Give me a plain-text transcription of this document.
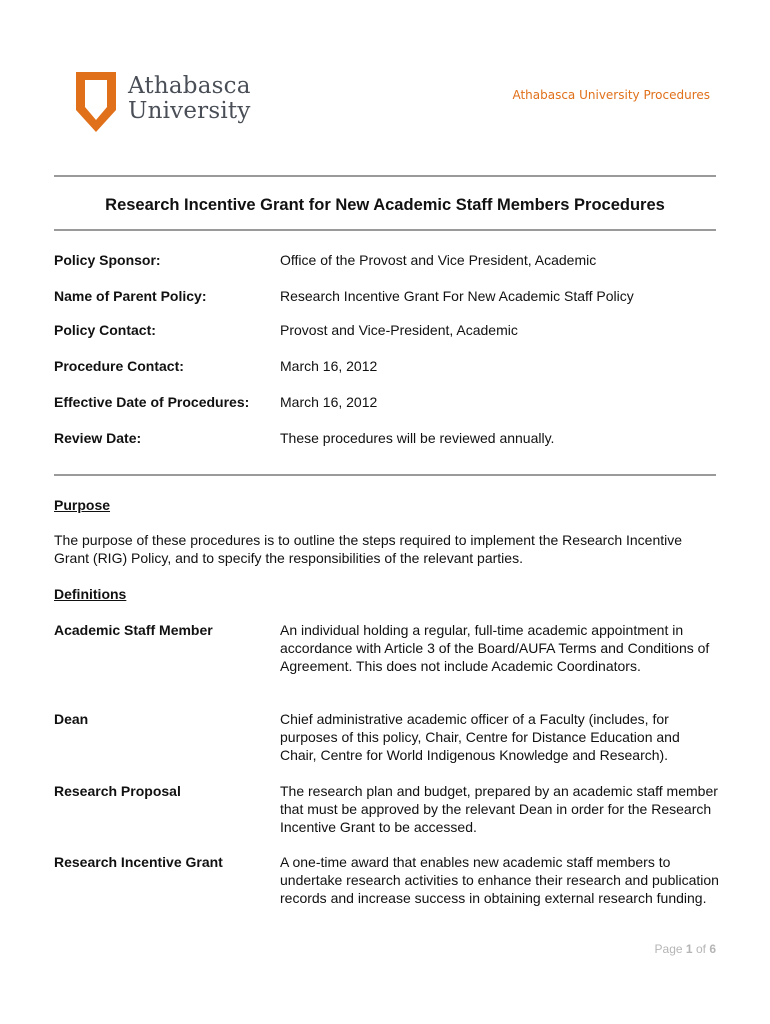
Athabasca
University
Athabasca University Procedures
Research Incentive Grant for New Academic Staff Members Procedures
Policy Sponsor:	Office of the Provost and Vice President, Academic
Name of Parent Policy:	Research Incentive Grant For New Academic Staff Policy
Policy Contact:	Provost and Vice-President, Academic
Procedure Contact:	March 16, 2012
Effective Date of Procedures:	March 16, 2012
Review Date:	These procedures will be reviewed annually.
Purpose
The purpose of these procedures is to outline the steps required to implement the Research Incentive Grant (RIG) Policy, and to specify the responsibilities of the relevant parties.
Definitions
Academic Staff Member	An individual holding a regular, full-time academic appointment in accordance with Article 3 of the Board/AUFA Terms and Conditions of Agreement. This does not include Academic Coordinators.
Dean	Chief administrative academic officer of a Faculty (includes, for purposes of this policy, Chair, Centre for Distance Education and Chair, Centre for World Indigenous Knowledge and Research).
Research Proposal	The research plan and budget, prepared by an academic staff member that must be approved by the relevant Dean in order for the Research Incentive Grant to be accessed.
Research Incentive Grant	A one-time award that enables new academic staff members to undertake research activities to enhance their research and publication records and increase success in obtaining external research funding.
Page 1 of 6
